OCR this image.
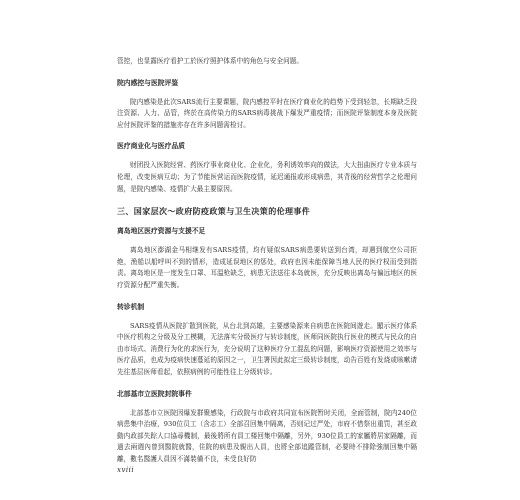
管控，也显露医疗看护工於医疗照护体系中的角色与安全问题。

院内感控与医院评鉴

院内感染是此次SARS流行主要课题，院内感控平时在医疗商业化的趋势下受到轻忽，长期缺乏投注资源、人力、品管，终於在高传染力的SARS病毒挑战下爆发严重疫情；而医院评鉴制度本身及医院应付医院评鉴的措施亦存在许多问题需检讨。

医疗商业化与医疗品质

财团投入医院经营、药医疗事业商业化、企业化，务利诱效率向的做法，大大扭曲医疗专业本质与伦理，改变医病互动；为了节能医营运而医院疫情，延迟通报或形成病患，其背後的经营哲学之伦理问题，是院内感染、疫情扩大最主要原因。

三、国家层次～政府防疫政策与卫生决策的伦理事件

离岛地区医疗资源与支援不足

离岛地区澎湖金马相继发有SARS疫情，均有疑似SARS病患要转送到台湾，却遇到航空公司拒绝，渔船以船呼叫不到的情形，造成延误地区的惩处，政府也因未能保障当地人民的医疗权而受到指责。离岛地区是一度发生口罩、耳温枪缺乏，病患无法送往本岛就医，充分反映出离岛与偏远地区的医疗资源分配严重失衡。

转诊机制

SARS疫情从医院扩散到医院，从台北到高雄，主要感染源来自病患在医院间遊走。顯示医疗体系中医疗机构之分级及分工模糊，无法落实分级医疗与转诊制度，医师同医院执行医业的模式与民众的自由市场式、消费行为化的求医行为，充分说明了这种医疗分工混乱的问题，影响医疗资源使用之效率与医疗品质，也成为疫病快速蔓延的原因之一，卫生署因此拟定三级转诊制度，动告百姓有发烧或咳嗽请先往基层医师看起，依照病例的可能性往上分级转诊。

北部基市立医院封院事件

北部基市立医院因爆发群聚感染，行政院与市政府共同宣布医院暂时关闭，全面管制，院内240位病患集中治療，930位员工（含志工）全部召回集中隔离，否则记过严处，市府不惜祭出重罚，甚至政動内政部失踪人口協尋機制，最後將所有員工楼回集中隔離，另外，930位員工的家屬將居家隔離，而過去兩週內曾到醫院就醫，住院的病患及親出人員，也將全部追蹤管制，必要時不排除強制回集中隔離，數名醫護人員因不滿裝備不良，未受良好防

xviii
